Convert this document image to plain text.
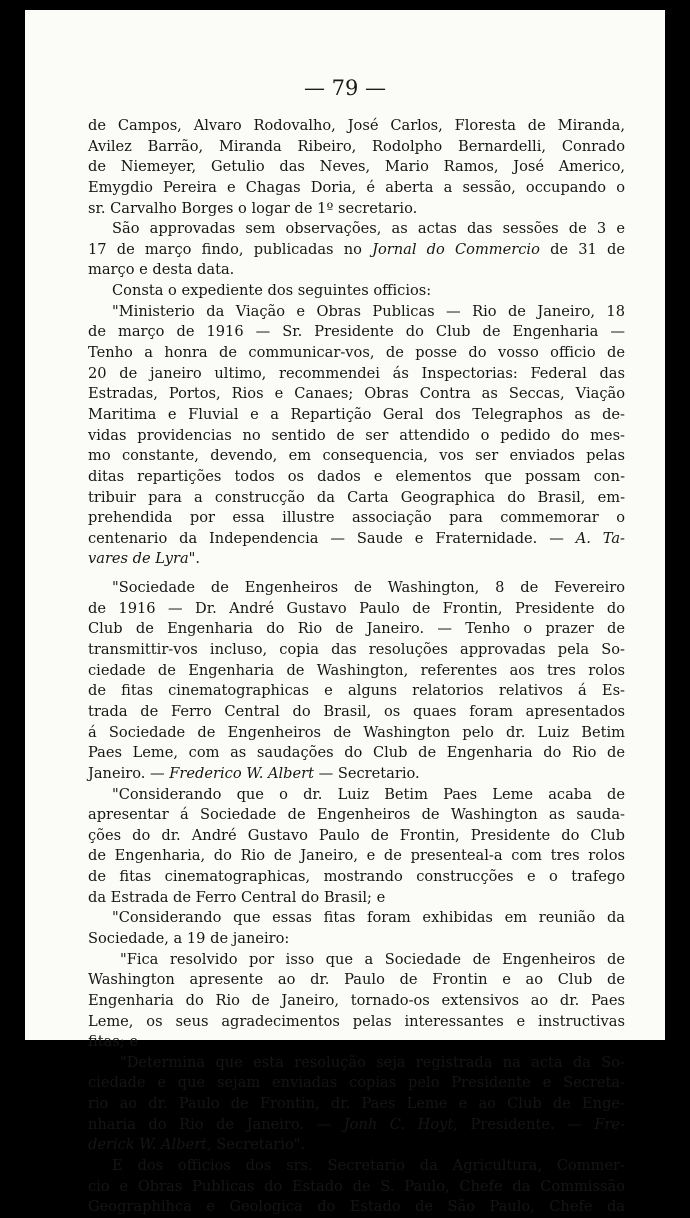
— 79 —
de Campos, Alvaro Rodovalho, José Carlos, Floresta de Miranda,
Avilez Barrão, Miranda Ribeiro, Rodolpho Bernardelli, Conrado
de Niemeyer, Getulio das Neves, Mario Ramos, José Americo,
Emygdio Pereira e Chagas Doria, é aberta a sessão, occupando o
sr. Carvalho Borges o logar de 1º secretario.
São approvadas sem observações, as actas das sessões de 3 e
17 de março findo, publicadas no Jornal do Commercio de 31 de
março e desta data.
Consta o expediente dos seguintes officios:
"Ministerio da Viação e Obras Publicas — Rio de Janeiro, 18
de março de 1916 — Sr. Presidente do Club de Engenharia —
Tenho a honra de communicar-vos, de posse do vosso officio de
20 de janeiro ultimo, recommendei ás Inspectorias: Federal das
Estradas, Portos, Rios e Canaes; Obras Contra as Seccas, Viação
Maritima e Fluvial e a Repartição Geral dos Telegraphos as de-
vidas providencias no sentido de ser attendido o pedido do mes-
mo constante, devendo, em consequencia, vos ser enviados pelas
ditas repartições todos os dados e elementos que possam con-
tribuir para a construcção da Carta Geographica do Brasil, em-
prehendida por essa illustre associação para commemorar o
centenario da Independencia — Saude e Fraternidade. — A. Ta-
vares de Lyra".
"Sociedade de Engenheiros de Washington, 8 de Fevereiro
de 1916 — Dr. André Gustavo Paulo de Frontin, Presidente do
Club de Engenharia do Rio de Janeiro. — Tenho o prazer de
transmittir-vos incluso, copia das resoluções approvadas pela So-
ciedade de Engenharia de Washington, referentes aos tres rolos
de fitas cinematographicas e alguns relatorios relativos á Es-
trada de Ferro Central do Brasil, os quaes foram apresentados
á Sociedade de Engenheiros de Washington pelo dr. Luiz Betim
Paes Leme, com as saudações do Club de Engenharia do Rio de
Janeiro. — Frederico W. Albert — Secretario.
"Considerando que o dr. Luiz Betim Paes Leme acaba de
apresentar á Sociedade de Engenheiros de Washington as sauda-
ções do dr. André Gustavo Paulo de Frontin, Presidente do Club
de Engenharia, do Rio de Janeiro, e de presenteal-a com tres rolos
de fitas cinematographicas, mostrando construcções e o trafego
da Estrada de Ferro Central do Brasil; e
"Considerando que essas fitas foram exhibidas em reunião da
Sociedade, a 19 de janeiro:
"Fica resolvido por isso que a Sociedade de Engenheiros de
Washington apresente ao dr. Paulo de Frontin e ao Club de
Engenharia do Rio de Janeiro, tornado-os extensivos ao dr. Paes
Leme, os seus agradecimentos pelas interessantes e instructivas
fitas; e
"Determina que esta resolução seja registrada na acta da So-
ciedade e que sejam enviadas copias pelo Presidente e Secreta-
rio ao dr. Paulo de Frontin, dr. Paes Leme e ao Club de Enge-
nharia do Rio de Janeiro. — Jonh C. Hoyt, Presidente. — Fre-
derick W. Albert, Secretario".
E dos officios dos srs. Secretario da Agricultura, Commer-
cio e Obras Publicas do Estado de S. Paulo, Chefe da Commissão
Geographihca e Geologica do Estado de São Paulo, Chefe da
